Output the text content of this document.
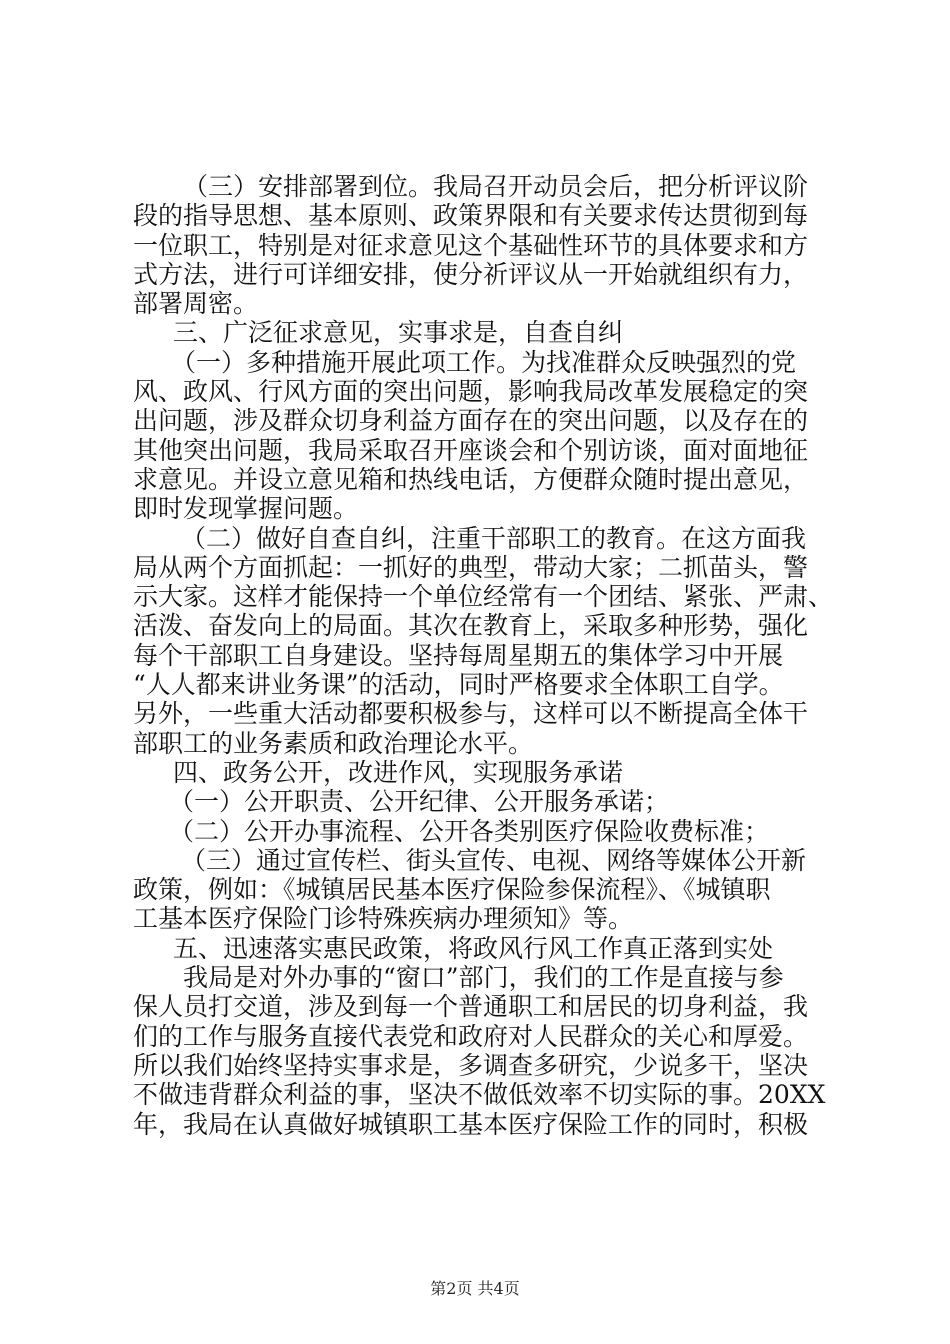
（三）安排部署到位。我局召开动员会后，把分析评议阶
段的指导思想、基本原则、政策界限和有关要求传达贯彻到每
一位职工，特别是对征求意见这个基础性环节的具体要求和方
式方法，进行可详细安排，使分祈评议从一开始就组织有力，
部署周密。

三、广泛征求意见，实事求是，自查自纠

（一）多种措施开展此项工作。为找准群众反映强烈的党
风、政风、行风方面的突出问题，影响我局改革发展稳定的突
出问题，涉及群众切身利益方面存在的突出问题，以及存在的
其他突出问题，我局采取召开座谈会和个别访谈，面对面地征
求意见。并设立意见箱和热线电话，方便群众随时提出意见，
即时发现掌握问题。

（二）做好自查自纠，注重干部职工的教育。在这方面我
局从两个方面抓起：一抓好的典型，带动大家；二抓苗头，警
示大家。这样才能保持一个单位经常有一个团结、紧张、严肃、
活泼、奋发向上的局面。其次在教育上，采取多种形势，强化
每个干部职工自身建设。坚持每周星期五的集体学习中开展
“人人都来讲业务课”的活动，同时严格要求全体职工自学。
另外，一些重大活动都要积极参与，这样可以不断提高全体干
部职工的业务素质和政治理论水平。

四、政务公开，改进作风，实现服务承诺

（一）公开职责、公开纪律、公开服务承诺；

（二）公开办事流程、公开各类别医疗保险收费标准；

（三）通过宣传栏、街头宣传、电视、网络等媒体公开新
政策，例如：《城镇居民基本医疗保险参保流程》、《城镇职
工基本医疗保险门诊特殊疾病办理须知》等。

五、迅速落实惠民政策，将政风行风工作真正落到实处

我局是对外办事的“窗口”部门，我们的工作是直接与参
保人员打交道，涉及到每一个普通职工和居民的切身利益，我
们的工作与服务直接代表党和政府对人民群众的关心和厚爱。
所以我们始终坚持实事求是，多调查多研究，少说多干，坚决
不做违背群众利益的事，坚决不做低效率不切实际的事。20XX
年，我局在认真做好城镇职工基本医疗保险工作的同时，积极

第2页 共4页
